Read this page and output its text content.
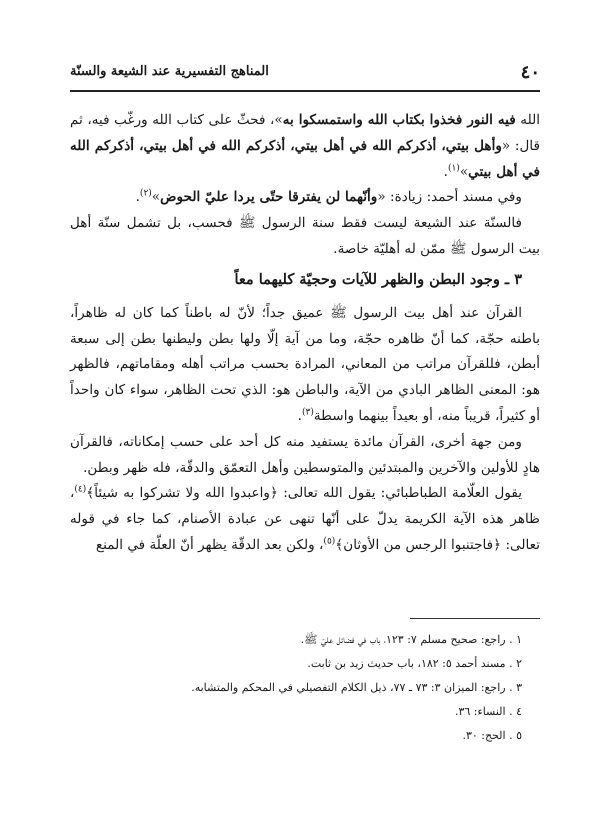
٤٠
المناهج التفسيرية عند الشيعة والسنّة

الله فيه النور فخذوا بكتاب الله واستمسكوا به»، فحثّ على كتاب الله ورغّب فيه، ثم قال: «وأهل بيتي، أذكركم الله في أهل بيتي، أذكركم الله في أهل بيتي، أذكركم الله في أهل بيتي»$^{(١)}$.

وفي مسند أحمد: زيادة: «وأنّهما لن يفترقا حتّى يردا عليّ الحوض»$^{(٢)}$.

فالسنّة عند الشيعة ليست فقط سنة الرسول ﷺ فحسب، بل تشمل سنّة أهل بيت الرسول ﷺ ممّن له أهليّة خاصة.

٣ ـ وجود البطن والظهر للآيات وحجيّة كليهما معاً

القرآن عند أهل بيت الرسول ﷺ عميق جداً؛ لأنّ له باطناً كما كان له ظاهراً، باطنه حجّة، كما أنّ ظاهره حجّة، وما من آية إلّا ولها بطن وليطنها بطن إلى سبعة أبطن، فللقرآن مراتب من المعاني، المرادة بحسب مراتب أهله ومقاماتهم، فالظهر هو: المعنى الظاهر البادي من الآية، والباطن هو: الذي تحت الظاهر، سواء كان واحداً أو كثيراً، قريباً منه، أو بعيداً بينهما واسطة$^{(٣)}$.

ومن جهة أخرى، القرآن مائدة يستفيد منه كل أحد على حسب إمكاناته، فالقرآن هادٍ للأولين والآخرين والمبتدئين والمتوسطين وأهل التعمّق والدقّة، فله ظهر وبطن.

يقول العلّامة الطباطبائي: يقول الله تعالى: ﴿واعبدوا الله ولا تشركوا به شيئاً﴾$^{(٤)}$، ظاهر هذه الآية الكريمة يدلّ على أنّها تنهى عن عبادة الأصنام، كما جاء في قوله تعالى: ﴿فاجتنبوا الرجس من الأوثان﴾$^{(٥)}$، ولكن بعد الدقّة يظهر أنّ العلّة في المنع

١ . راجع: صحيح مسلم ٧: ١٢٣، باب في فضائل عليّ ﷺ.
٢ . مسند أحمد ٥: ١٨٢، باب حديث زيد بن ثابت.
٣ . راجع: الميزان ٣: ٧٣ ـ ٧٧، ذيل الكلام التفصيلي في المحكم والمتشابه.
٤ . النساء: ٣٦.
٥ . الحج: ٣٠.
